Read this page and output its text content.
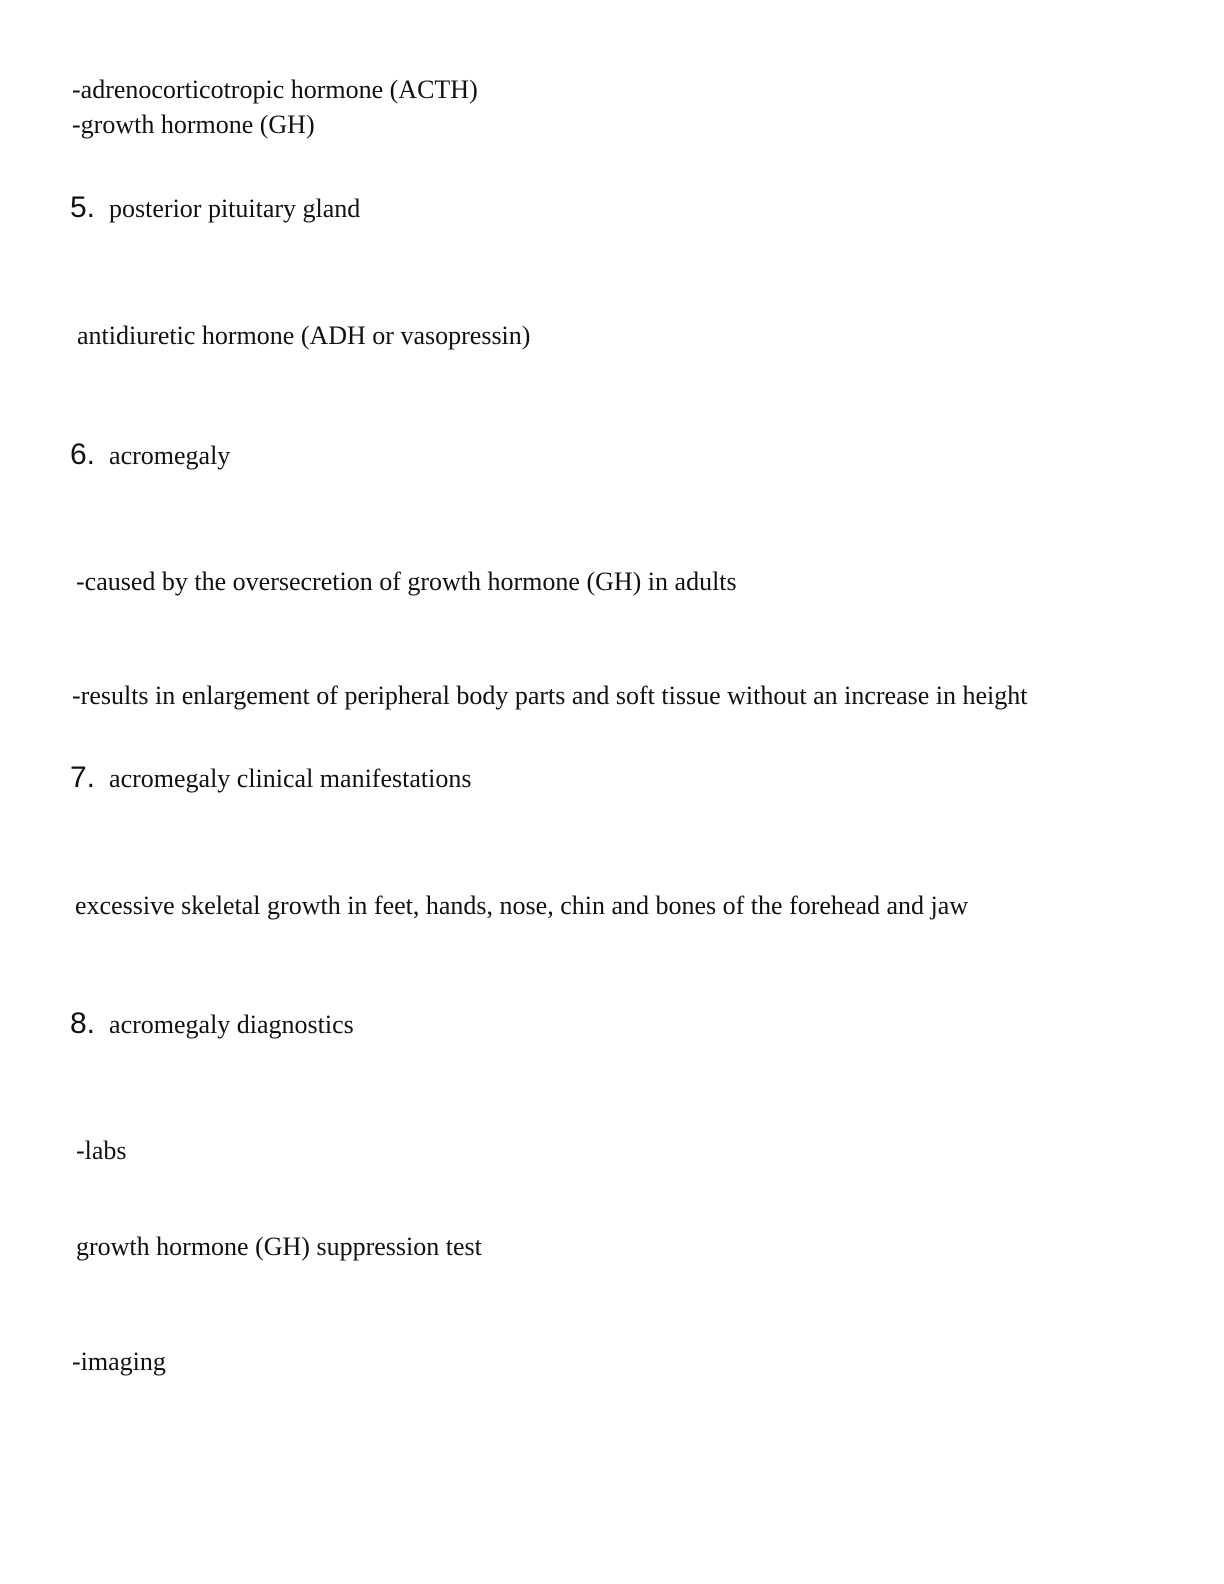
-adrenocorticotropic hormone (ACTH)
-growth hormone (GH)
5. posterior pituitary gland
antidiuretic hormone (ADH or vasopressin)
6. acromegaly
-caused by the oversecretion of growth hormone (GH) in adults
-results in enlargement of peripheral body parts and soft tissue without an increase in height
7. acromegaly clinical manifestations
excessive skeletal growth in feet, hands, nose, chin and bones of the forehead and jaw
8. acromegaly diagnostics
-labs
growth hormone (GH) suppression test
-imaging
